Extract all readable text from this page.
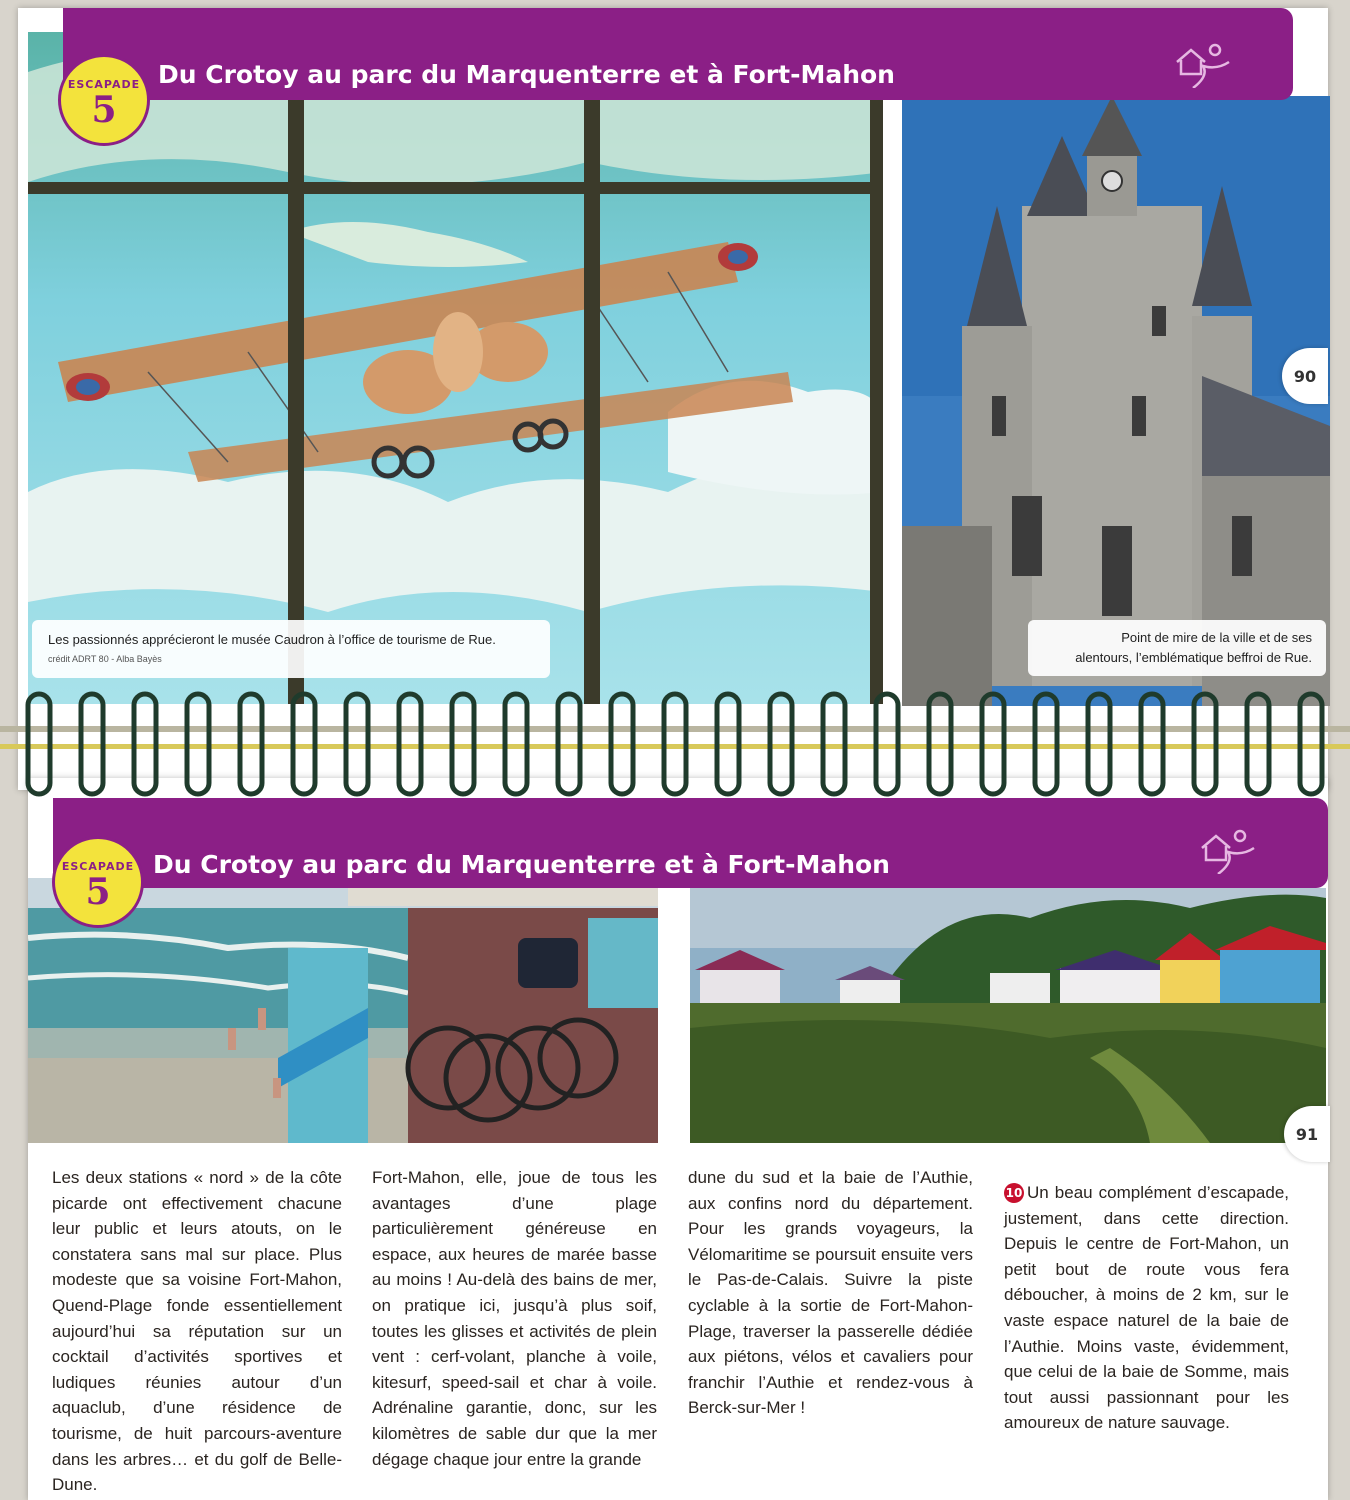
Du Crotoy au parc du Marquenterre et à Fort-Mahon
ESCAPADE
5
Les passionnés apprécieront le musée Caudron à l’office de tourisme de Rue.
crédit ADRT 80 - Alba Bayès
Point de mire de la ville et de ses
alentours, l’emblématique beffroi de Rue.
90
Du Crotoy au parc du Marquenterre et à Fort-Mahon
ESCAPADE
5
91
Les deux stations « nord » de la côte picarde ont effectivement chacune leur public et leurs atouts, on le constatera sans mal sur place. Plus modeste que sa voisine Fort-Mahon, Quend-Plage fonde essentiellement aujourd’hui sa réputation sur un cocktail d’activités sportives et ludiques réunies autour d’un aquaclub, d’une résidence de tourisme, de huit parcours-aventure dans les arbres… et du golf de Belle-Dune.
Fort-Mahon, elle, joue de tous les avantages d’une plage particulièrement généreuse en espace, aux heures de marée basse au moins ! Au-delà des bains de mer, on pratique ici, jusqu’à plus soif, toutes les glisses et activités de plein vent : cerf-volant, planche à voile, kitesurf, speed-sail et char à voile. Adrénaline garantie, donc, sur les kilomètres de sable dur que la mer dégage chaque jour entre la grande
dune du sud et la baie de l’Authie, aux confins nord du département. Pour les grands voyageurs, la Vélomaritime se poursuit ensuite vers le Pas-de-Calais. Suivre la piste cyclable à la sortie de Fort-Mahon-Plage, traverser la passerelle dédiée aux piétons, vélos et cavaliers pour franchir l’Authie et rendez-vous à Berck-sur-Mer !
10 Un beau complément d’escapade, justement, dans cette direction. Depuis le centre de Fort-Mahon, un petit bout de route vous fera déboucher, à moins de 2 km, sur le vaste espace naturel de la baie de l’Authie. Moins vaste, évidemment, que celui de la baie de Somme, mais tout aussi passionnant pour les amoureux de nature sauvage.
